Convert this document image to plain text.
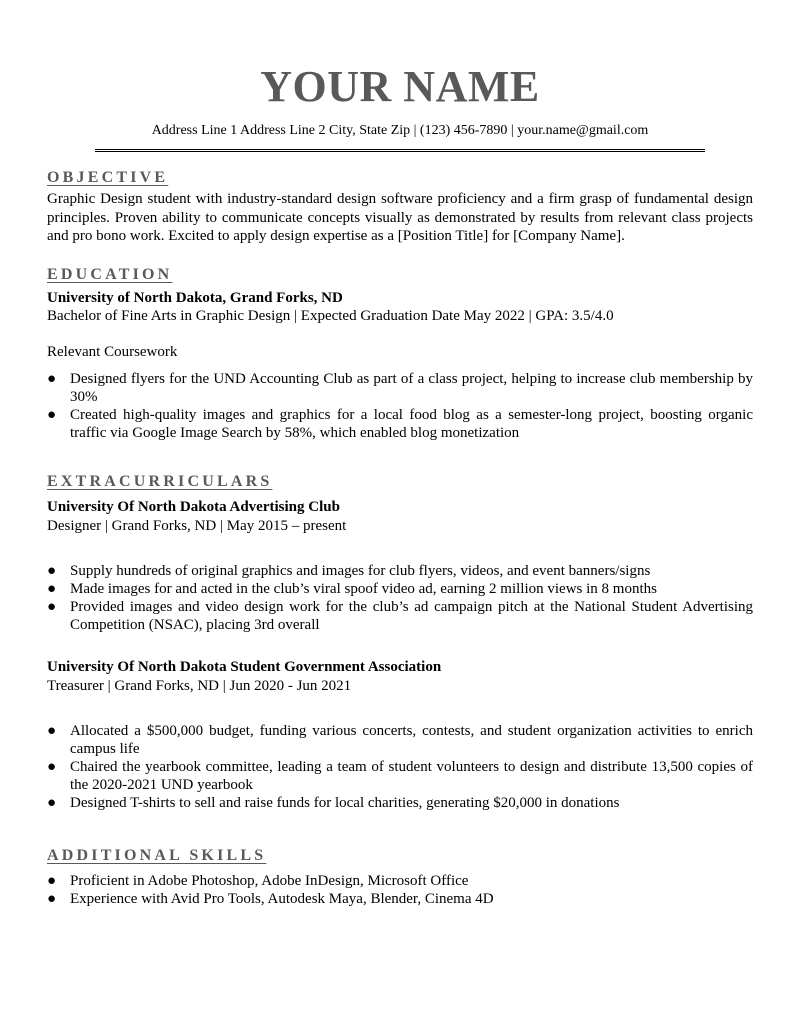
YOUR NAME
Address Line 1 Address Line 2 City, State Zip | (123) 456-7890 | your.name@gmail.com
OBJECTIVE

Graphic Design student with industry-standard design software proficiency and a firm grasp of fundamental design principles. Proven ability to communicate concepts visually as demonstrated by results from relevant class projects and pro bono work. Excited to apply design expertise as a [Position Title] for [Company Name].

EDUCATION

University of North Dakota, Grand Forks, ND

Bachelor of Fine Arts in Graphic Design | Expected Graduation Date May 2022 | GPA: 3.5/4.0

Relevant Coursework

● Designed flyers for the UND Accounting Club as part of a class project, helping to increase club membership by 30%
● Created high-quality images and graphics for a local food blog as a semester-long project, boosting organic traffic via Google Image Search by 58%, which enabled blog monetization
EXTRACURRICULARS

University Of North Dakota Advertising Club

Designer | Grand Forks, ND | May 2015 – present

● Supply hundreds of original graphics and images for club flyers, videos, and event banners/signs
● Made images for and acted in the club’s viral spoof video ad, earning 2 million views in 8 months
● Provided images and video design work for the club’s ad campaign pitch at the National Student Advertising Competition (NSAC), placing 3rd overall

University Of North Dakota Student Government Association

Treasurer | Grand Forks, ND | Jun 2020 - Jun 2021

● Allocated a $500,000 budget, funding various concerts, contests, and student organization activities to enrich campus life
● Chaired the yearbook committee, leading a team of student volunteers to design and distribute 13,500 copies of the 2020-2021 UND yearbook
● Designed T-shirts to sell and raise funds for local charities, generating $20,000 in donations
ADDITIONAL SKILLS
● Proficient in Adobe Photoshop, Adobe InDesign, Microsoft Office
● Experience with Avid Pro Tools, Autodesk Maya, Blender, Cinema 4D
